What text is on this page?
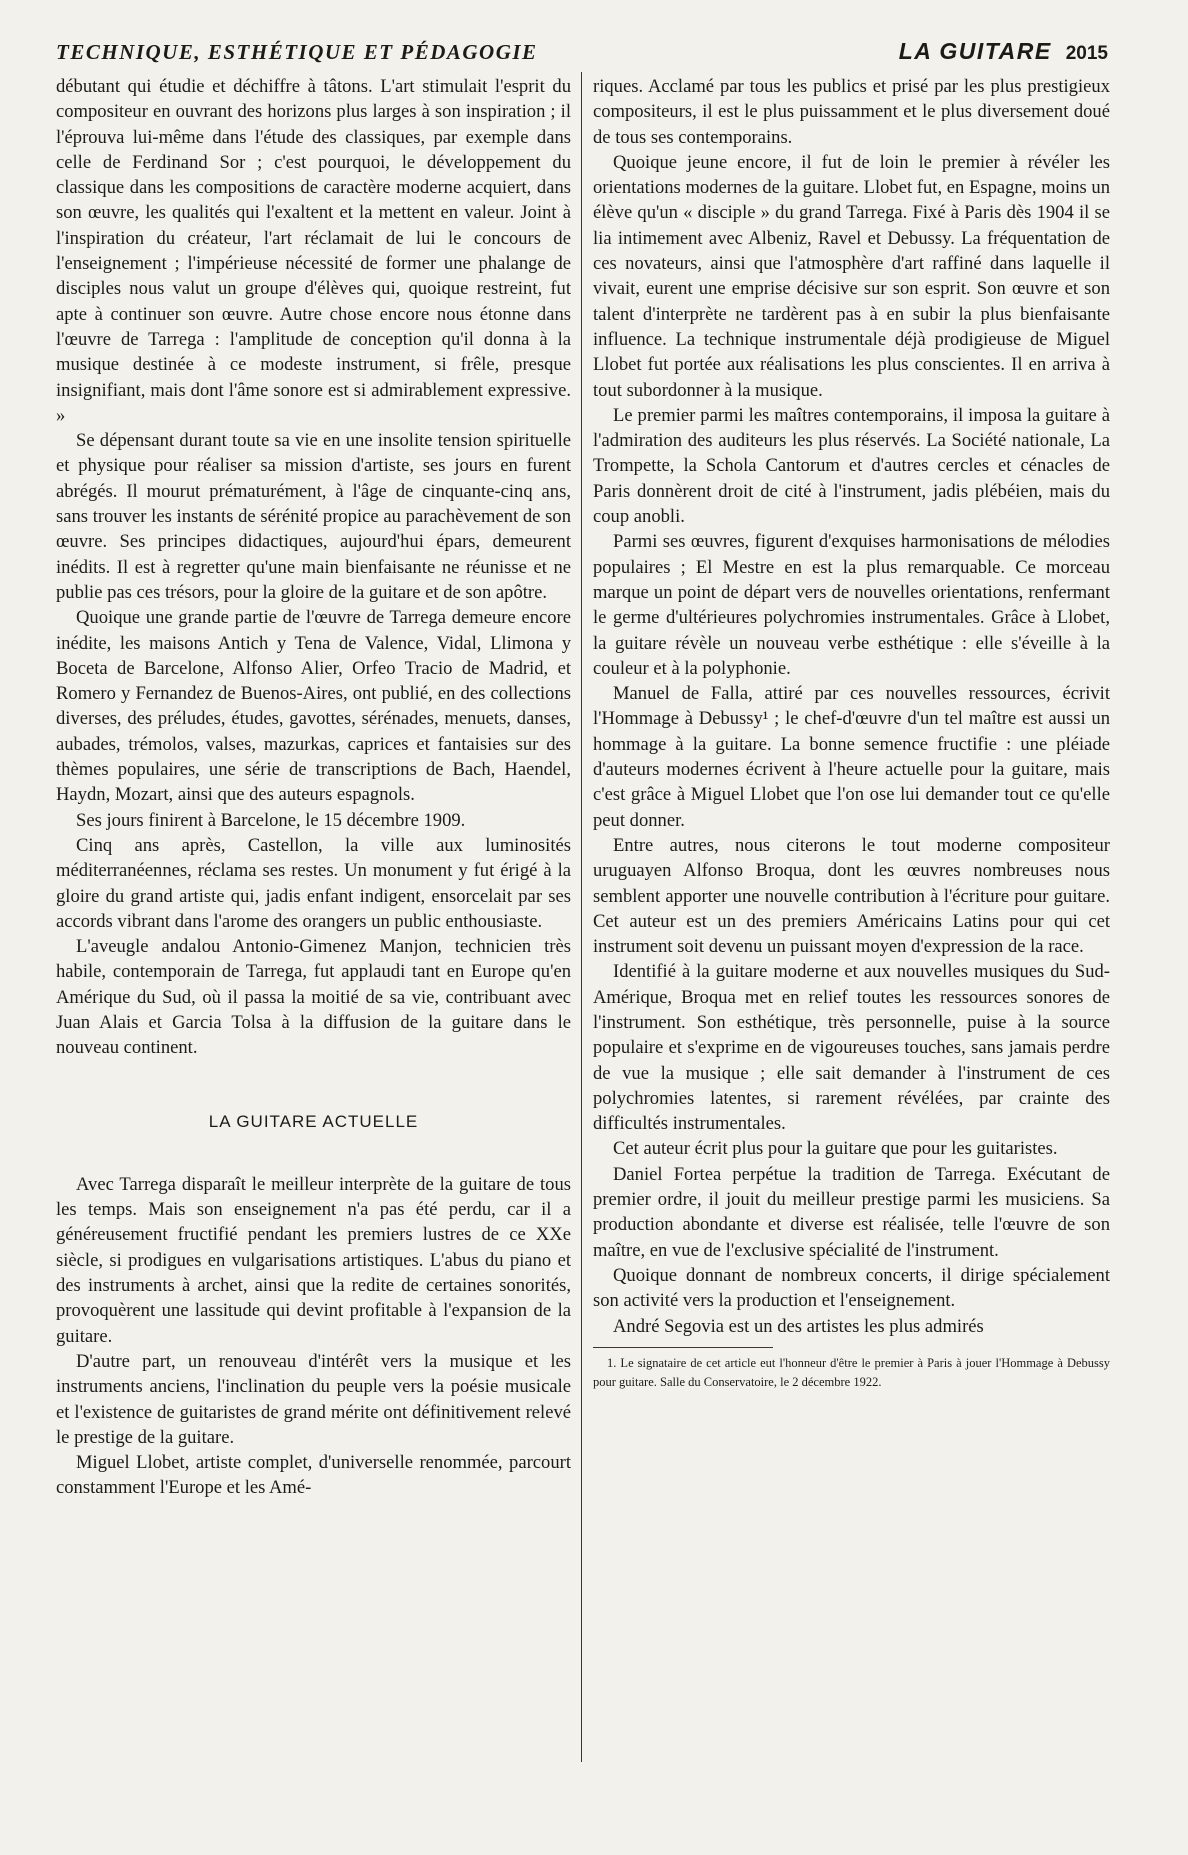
TECHNIQUE, ESTHÉTIQUE ET PÉDAGOGIE	LA GUITARE 2015

débutant qui étudie et déchiffre à tâtons. L'art stimulait l'esprit du compositeur en ouvrant des horizons plus larges à son inspiration ; il l'éprouva lui-même dans l'étude des classiques, par exemple dans celle de Ferdinand Sor ; c'est pourquoi, le développement du classique dans les compositions de caractère moderne acquiert, dans son œuvre, les qualités qui l'exaltent et la mettent en valeur. Joint à l'inspiration du créateur, l'art réclamait de lui le concours de l'enseignement ; l'impérieuse nécessité de former une phalange de disciples nous valut un groupe d'élèves qui, quoique restreint, fut apte à continuer son œuvre. Autre chose encore nous étonne dans l'œuvre de Tarrega : l'amplitude de conception qu'il donna à la musique destinée à ce modeste instrument, si frêle, presque insignifiant, mais dont l'âme sonore est si admirablement expressive. »

Se dépensant durant toute sa vie en une insolite tension spirituelle et physique pour réaliser sa mission d'artiste, ses jours en furent abrégés. Il mourut prématurément, à l'âge de cinquante-cinq ans, sans trouver les instants de sérénité propice au parachèvement de son œuvre. Ses principes didactiques, aujourd'hui épars, demeurent inédits. Il est à regretter qu'une main bienfaisante ne réunisse et ne publie pas ces trésors, pour la gloire de la guitare et de son apôtre.

Quoique une grande partie de l'œuvre de Tarrega demeure encore inédite, les maisons Antich y Tena de Valence, Vidal, Llimona y Boceta de Barcelone, Alfonso Alier, Orfeo Tracio de Madrid, et Romero y Fernandez de Buenos-Aires, ont publié, en des collections diverses, des préludes, études, gavottes, sérénades, menuets, danses, aubades, trémolos, valses, mazurkas, caprices et fantaisies sur des thèmes populaires, une série de transcriptions de Bach, Haendel, Haydn, Mozart, ainsi que des auteurs espagnols.

Ses jours finirent à Barcelone, le 15 décembre 1909.

Cinq ans après, Castellon, la ville aux luminosités méditerranéennes, réclama ses restes. Un monument y fut érigé à la gloire du grand artiste qui, jadis enfant indigent, ensorcelait par ses accords vibrant dans l'arome des orangers un public enthousiaste.

L'aveugle andalou Antonio-Gimenez Manjon, technicien très habile, contemporain de Tarrega, fut applaudi tant en Europe qu'en Amérique du Sud, où il passa la moitié de sa vie, contribuant avec Juan Alais et Garcia Tolsa à la diffusion de la guitare dans le nouveau continent.

LA GUITARE ACTUELLE

Avec Tarrega disparaît le meilleur interprète de la guitare de tous les temps. Mais son enseignement n'a pas été perdu, car il a généreusement fructifié pendant les premiers lustres de ce XXe siècle, si prodigues en vulgarisations artistiques. L'abus du piano et des instruments à archet, ainsi que la redite de certaines sonorités, provoquèrent une lassitude qui devint profitable à l'expansion de la guitare.

D'autre part, un renouveau d'intérêt vers la musique et les instruments anciens, l'inclination du peuple vers la poésie musicale et l'existence de guitaristes de grand mérite ont définitivement relevé le prestige de la guitare.

Miguel Llobet, artiste complet, d'universelle renommée, parcourt constamment l'Europe et les Amé-

riques. Acclamé par tous les publics et prisé par les plus prestigieux compositeurs, il est le plus puissamment et le plus diversement doué de tous ses contemporains.

Quoique jeune encore, il fut de loin le premier à révéler les orientations modernes de la guitare. Llobet fut, en Espagne, moins un élève qu'un « disciple » du grand Tarrega. Fixé à Paris dès 1904 il se lia intimement avec Albeniz, Ravel et Debussy. La fréquentation de ces novateurs, ainsi que l'atmosphère d'art raffiné dans laquelle il vivait, eurent une emprise décisive sur son esprit. Son œuvre et son talent d'interprète ne tardèrent pas à en subir la plus bienfaisante influence. La technique instrumentale déjà prodigieuse de Miguel Llobet fut portée aux réalisations les plus conscientes. Il en arriva à tout subordonner à la musique.

Le premier parmi les maîtres contemporains, il imposa la guitare à l'admiration des auditeurs les plus réservés. La Société nationale, La Trompette, la Schola Cantorum et d'autres cercles et cénacles de Paris donnèrent droit de cité à l'instrument, jadis plébéien, mais du coup anobli.

Parmi ses œuvres, figurent d'exquises harmonisations de mélodies populaires ; El Mestre en est la plus remarquable. Ce morceau marque un point de départ vers de nouvelles orientations, renfermant le germe d'ultérieures polychromies instrumentales. Grâce à Llobet, la guitare révèle un nouveau verbe esthétique : elle s'éveille à la couleur et à la polyphonie.

Manuel de Falla, attiré par ces nouvelles ressources, écrivit l'Hommage à Debussy¹ ; le chef-d'œuvre d'un tel maître est aussi un hommage à la guitare. La bonne semence fructifie : une pléiade d'auteurs modernes écrivent à l'heure actuelle pour la guitare, mais c'est grâce à Miguel Llobet que l'on ose lui demander tout ce qu'elle peut donner.

Entre autres, nous citerons le tout moderne compositeur uruguayen Alfonso Broqua, dont les œuvres nombreuses nous semblent apporter une nouvelle contribution à l'écriture pour guitare. Cet auteur est un des premiers Américains Latins pour qui cet instrument soit devenu un puissant moyen d'expression de la race.

Identifié à la guitare moderne et aux nouvelles musiques du Sud-Amérique, Broqua met en relief toutes les ressources sonores de l'instrument. Son esthétique, très personnelle, puise à la source populaire et s'exprime en de vigoureuses touches, sans jamais perdre de vue la musique ; elle sait demander à l'instrument de ces polychromies latentes, si rarement révélées, par crainte des difficultés instrumentales.

Cet auteur écrit plus pour la guitare que pour les guitaristes.

Daniel Fortea perpétue la tradition de Tarrega. Exécutant de premier ordre, il jouit du meilleur prestige parmi les musiciens. Sa production abondante et diverse est réalisée, telle l'œuvre de son maître, en vue de l'exclusive spécialité de l'instrument.

Quoique donnant de nombreux concerts, il dirige spécialement son activité vers la production et l'enseignement.

André Segovia est un des artistes les plus admirés

1. Le signataire de cet article eut l'honneur d'être le premier à Paris à jouer l'Hommage à Debussy pour guitare. Salle du Conservatoire, le 2 décembre 1922.
